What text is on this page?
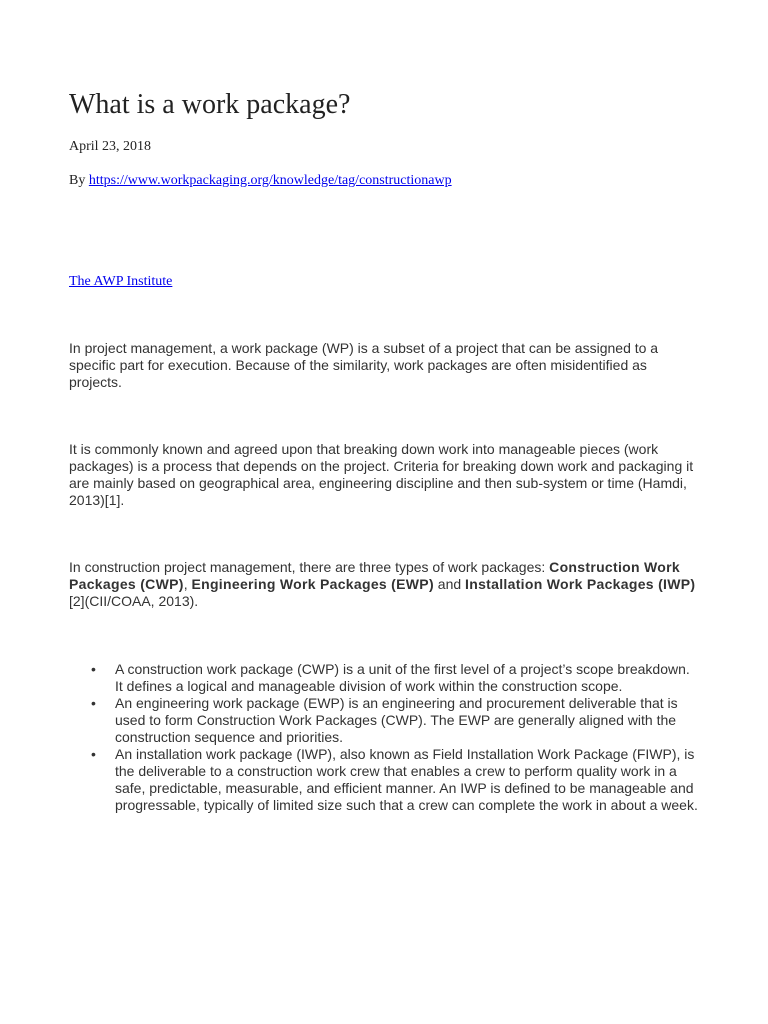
What is a work package?

April 23, 2018

By https://www.workpackaging.org/knowledge/tag/constructionawp

The AWP Institute

In project management, a work package (WP) is a subset of a project that can be assigned to a specific part for execution. Because of the similarity, work packages are often misidentified as projects.

It is commonly known and agreed upon that breaking down work into manageable pieces (work packages) is a process that depends on the project. Criteria for breaking down work and packaging it are mainly based on geographical area, engineering discipline and then sub-system or time (Hamdi, 2013)[1].

In construction project management, there are three types of work packages: Construction Work Packages (CWP), Engineering Work Packages (EWP) and Installation Work Packages (IWP)[2](CII/COAA, 2013).

• A construction work package (CWP) is a unit of the first level of a project’s scope breakdown. It defines a logical and manageable division of work within the construction scope.
• An engineering work package (EWP) is an engineering and procurement deliverable that is used to form Construction Work Packages (CWP). The EWP are generally aligned with the construction sequence and priorities.
• An installation work package (IWP), also known as Field Installation Work Package (FIWP), is the deliverable to a construction work crew that enables a crew to perform quality work in a safe, predictable, measurable, and efficient manner. An IWP is defined to be manageable and progressable, typically of limited size such that a crew can complete the work in about a week.
